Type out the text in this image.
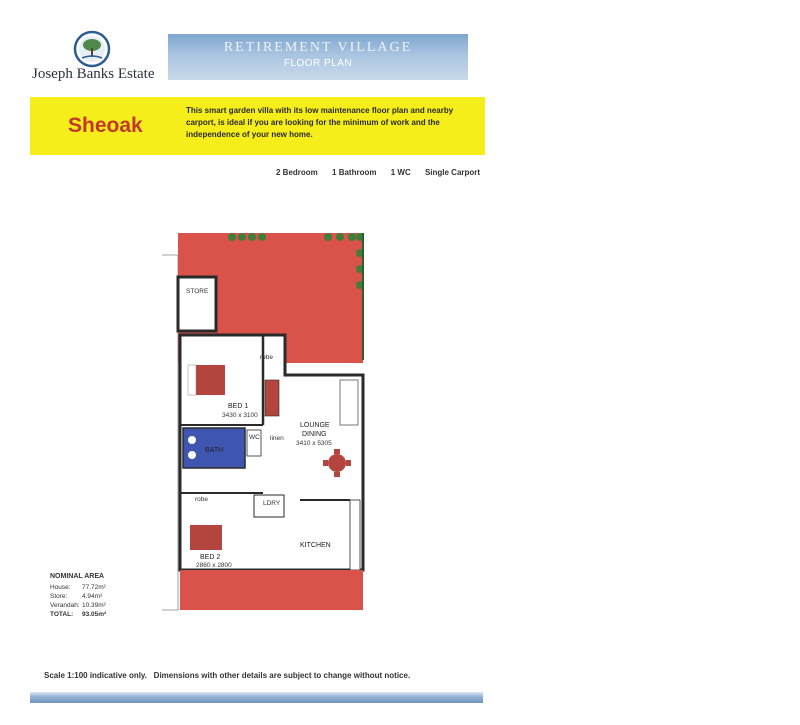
Joseph Banks Estate
RETIREMENT VILLAGE
FLOOR PLAN
Sheoak
This smart garden villa with its low maintenance floor plan and nearby carport, is ideal if you are looking for the minimum of work and the independence of your new home.
2 Bedroom 1 Bathroom 1 WC Single Carport
STORE
BED 1
3430 x 3100
robe
BATH
WC linen
robe
BED 2
2860 x 2800
LDRY
LOUNGE
DINING
3410 x 5305
KITCHEN
NOMINAL AREA
House:	77.72m²
Store:	4.94m²
Verandah: 10.39m²
TOTAL:	93.05m²
Scale 1:100 indicative only.   Dimensions with other details are subject to change without notice.
